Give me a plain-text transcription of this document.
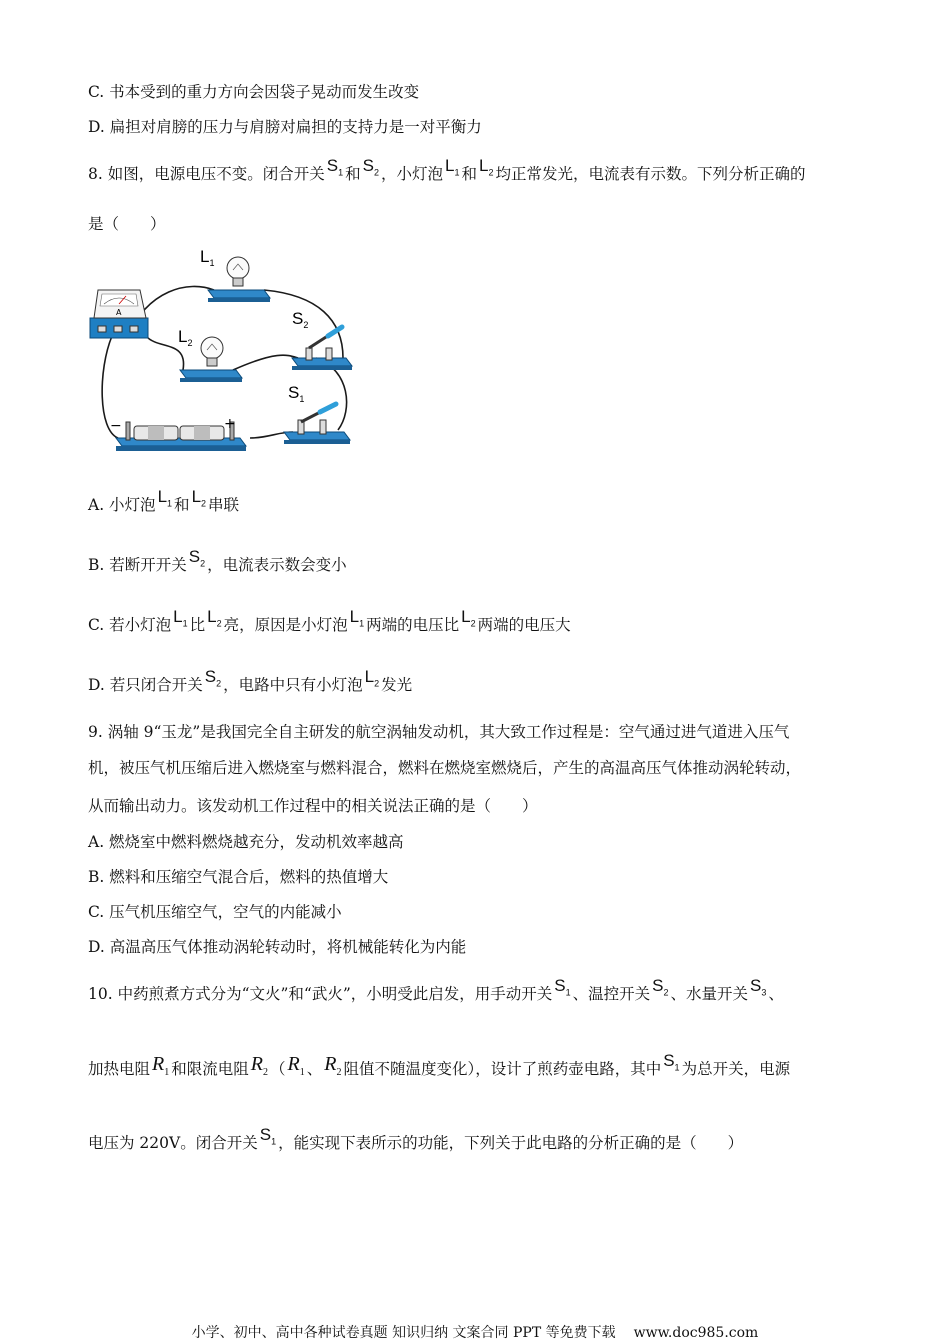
C. 书本受到的重力方向会因袋子晃动而发生改变
D. 扁担对肩膀的压力与肩膀对扁担的支持力是一对平衡力
8. 如图，电源电压不变。闭合开关 $S_1$ 和 $S_2$ ，小灯泡 $L_1$ 和 $L_2$ 均正常发光，电流表有示数。下列分析正确的
是（　　）
A
$L_1$
$L_2$
$S_2$
$S_1$
−	+
A. 小灯泡 $L_1$ 和 $L_2$ 串联
B. 若断开开关 $S_2$ ，电流表示数会变小
C. 若小灯泡 $L_1$ 比 $L_2$ 亮，原因是小灯泡 $L_1$ 两端的电压比 $L_2$ 两端的电压大
D. 若只闭合开关 $S_2$ ，电路中只有小灯泡 $L_2$ 发光
9. 涡轴 9“玉龙”是我国完全自主研发的航空涡轴发动机，其大致工作过程是：空气通过进气道进入压气
机，被压气机压缩后进入燃烧室与燃料混合，燃料在燃烧室燃烧后，产生的高温高压气体推动涡轮转动，
从而输出动力。该发动机工作过程中的相关说法正确的是（　　）
A. 燃烧室中燃料燃烧越充分，发动机效率越高
B. 燃料和压缩空气混合后，燃料的热值增大
C. 压气机压缩空气，空气的内能减小
D. 高温高压气体推动涡轮转动时，将机械能转化为内能
10. 中药煎煮方式分为“文火”和“武火”，小明受此启发，用手动开关 $S_1$ 、温控开关 $S_2$ 、水量开关 $S_3$ 、
加热电阻 $R_1$ 和限流电阻 $R_2$ （ $R_1$ 、 $R_2$ 阻值不随温度变化），设计了煎药壶电路，其中 $S_1$ 为总开关，电源
电压为 220V。闭合开关 $S_1$ ，能实现下表所示的功能，下列关于此电路的分析正确的是（　　）
小学、初中、高中各种试卷真题 知识归纳 文案合同 PPT 等免费下载 www.doc985.com
